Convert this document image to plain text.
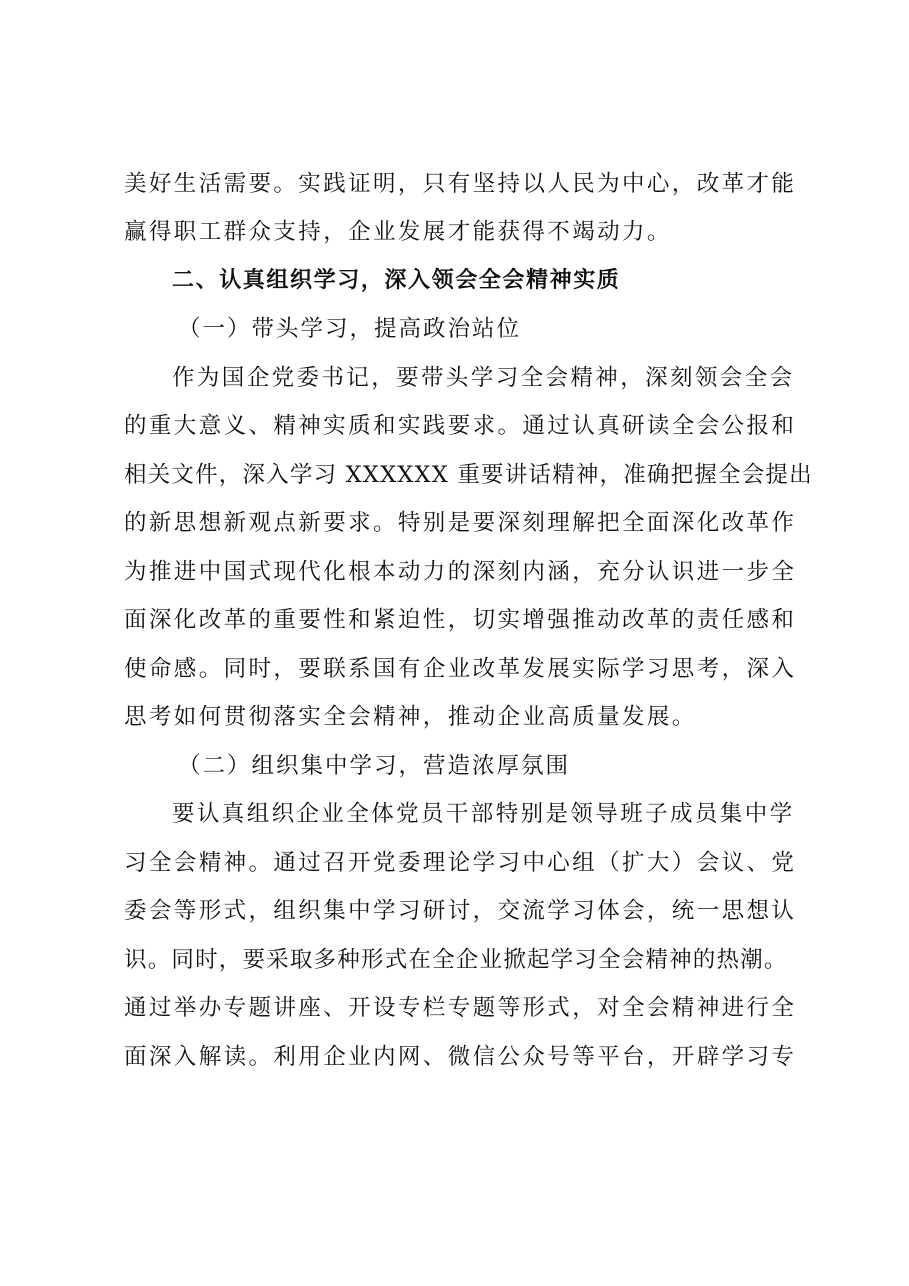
美好生活需要。实践证明，只有坚持以人民为中心，改革才能
赢得职工群众支持，企业发展才能获得不竭动力。
二、认真组织学习，深入领会全会精神实质
（一）带头学习，提高政治站位
作为国企党委书记，要带头学习全会精神，深刻领会全会
的重大意义、精神实质和实践要求。通过认真研读全会公报和
相关文件，深入学习 XXXXXX 重要讲话精神，准确把握全会提出
的新思想新观点新要求。特别是要深刻理解把全面深化改革作
为推进中国式现代化根本动力的深刻内涵，充分认识进一步全
面深化改革的重要性和紧迫性，切实增强推动改革的责任感和
使命感。同时，要联系国有企业改革发展实际学习思考，深入
思考如何贯彻落实全会精神，推动企业高质量发展。
（二）组织集中学习，营造浓厚氛围
要认真组织企业全体党员干部特别是领导班子成员集中学
习全会精神。通过召开党委理论学习中心组（扩大）会议、党
委会等形式，组织集中学习研讨，交流学习体会，统一思想认
识。同时，要采取多种形式在全企业掀起学习全会精神的热潮。
通过举办专题讲座、开设专栏专题等形式，对全会精神进行全
面深入解读。利用企业内网、微信公众号等平台，开辟学习专
